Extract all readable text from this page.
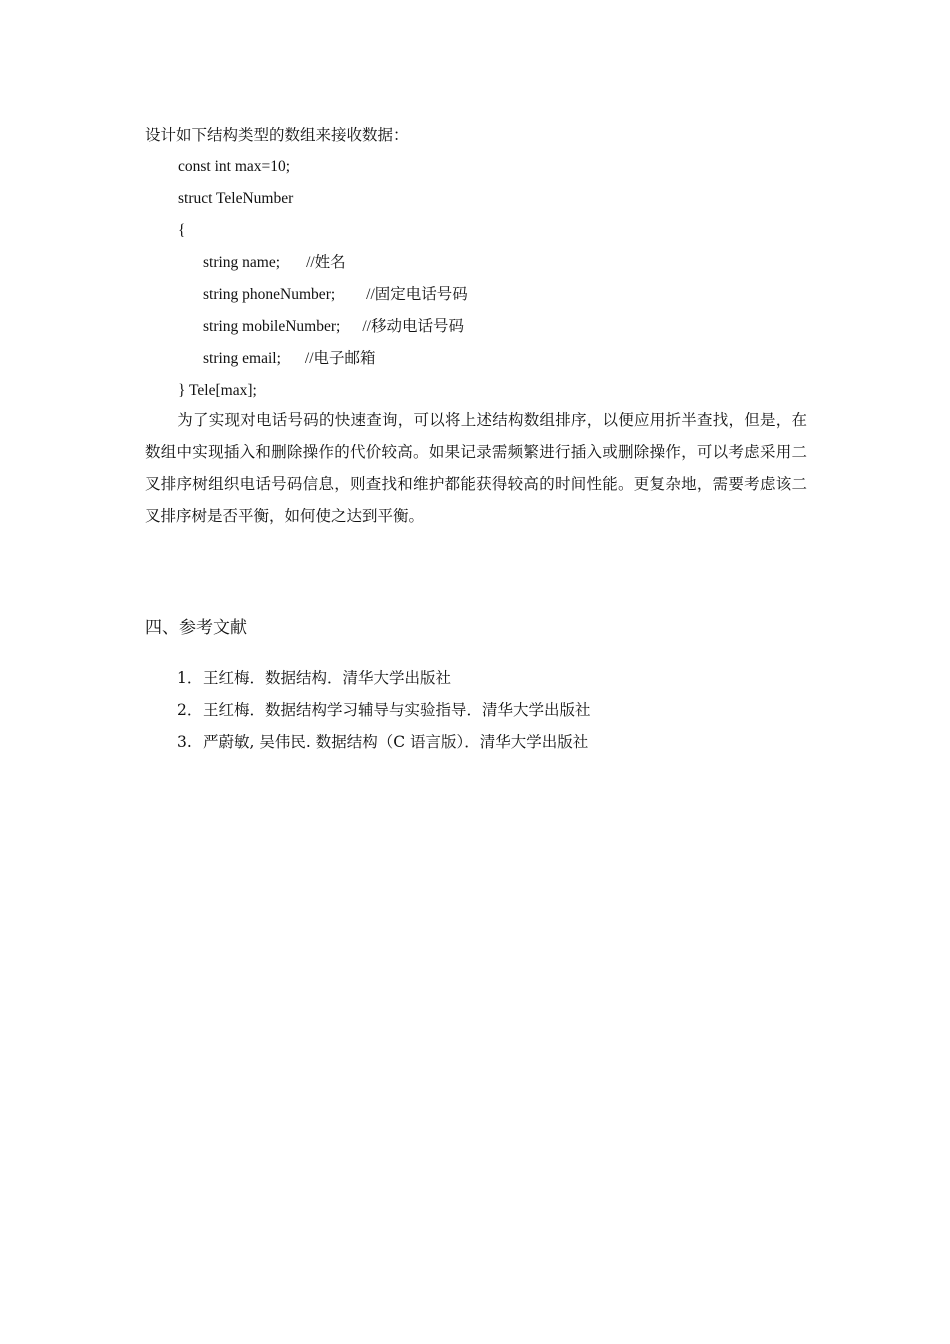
设计如下结构类型的数组来接收数据：
const int max=10;
struct TeleNumber
{
string name; //姓名
string phoneNumber; //固定电话号码
string mobileNumber; //移动电话号码
string email; //电子邮箱
} Tele[max];
为了实现对电话号码的快速查询，可以将上述结构数组排序，以便应用折半查找，但是，在数组中实现插入和删除操作的代价较高。如果记录需频繁进行插入或删除操作，可以考虑采用二叉排序树组织电话号码信息，则查找和维护都能获得较高的时间性能。更复杂地，需要考虑该二叉排序树是否平衡，如何使之达到平衡。
四、参考文献
1．王红梅．数据结构．清华大学出版社
2．王红梅．数据结构学习辅导与实验指导．清华大学出版社
3. 严蔚敏, 吴伟民. 数据结构（C 语言版）．清华大学出版社
